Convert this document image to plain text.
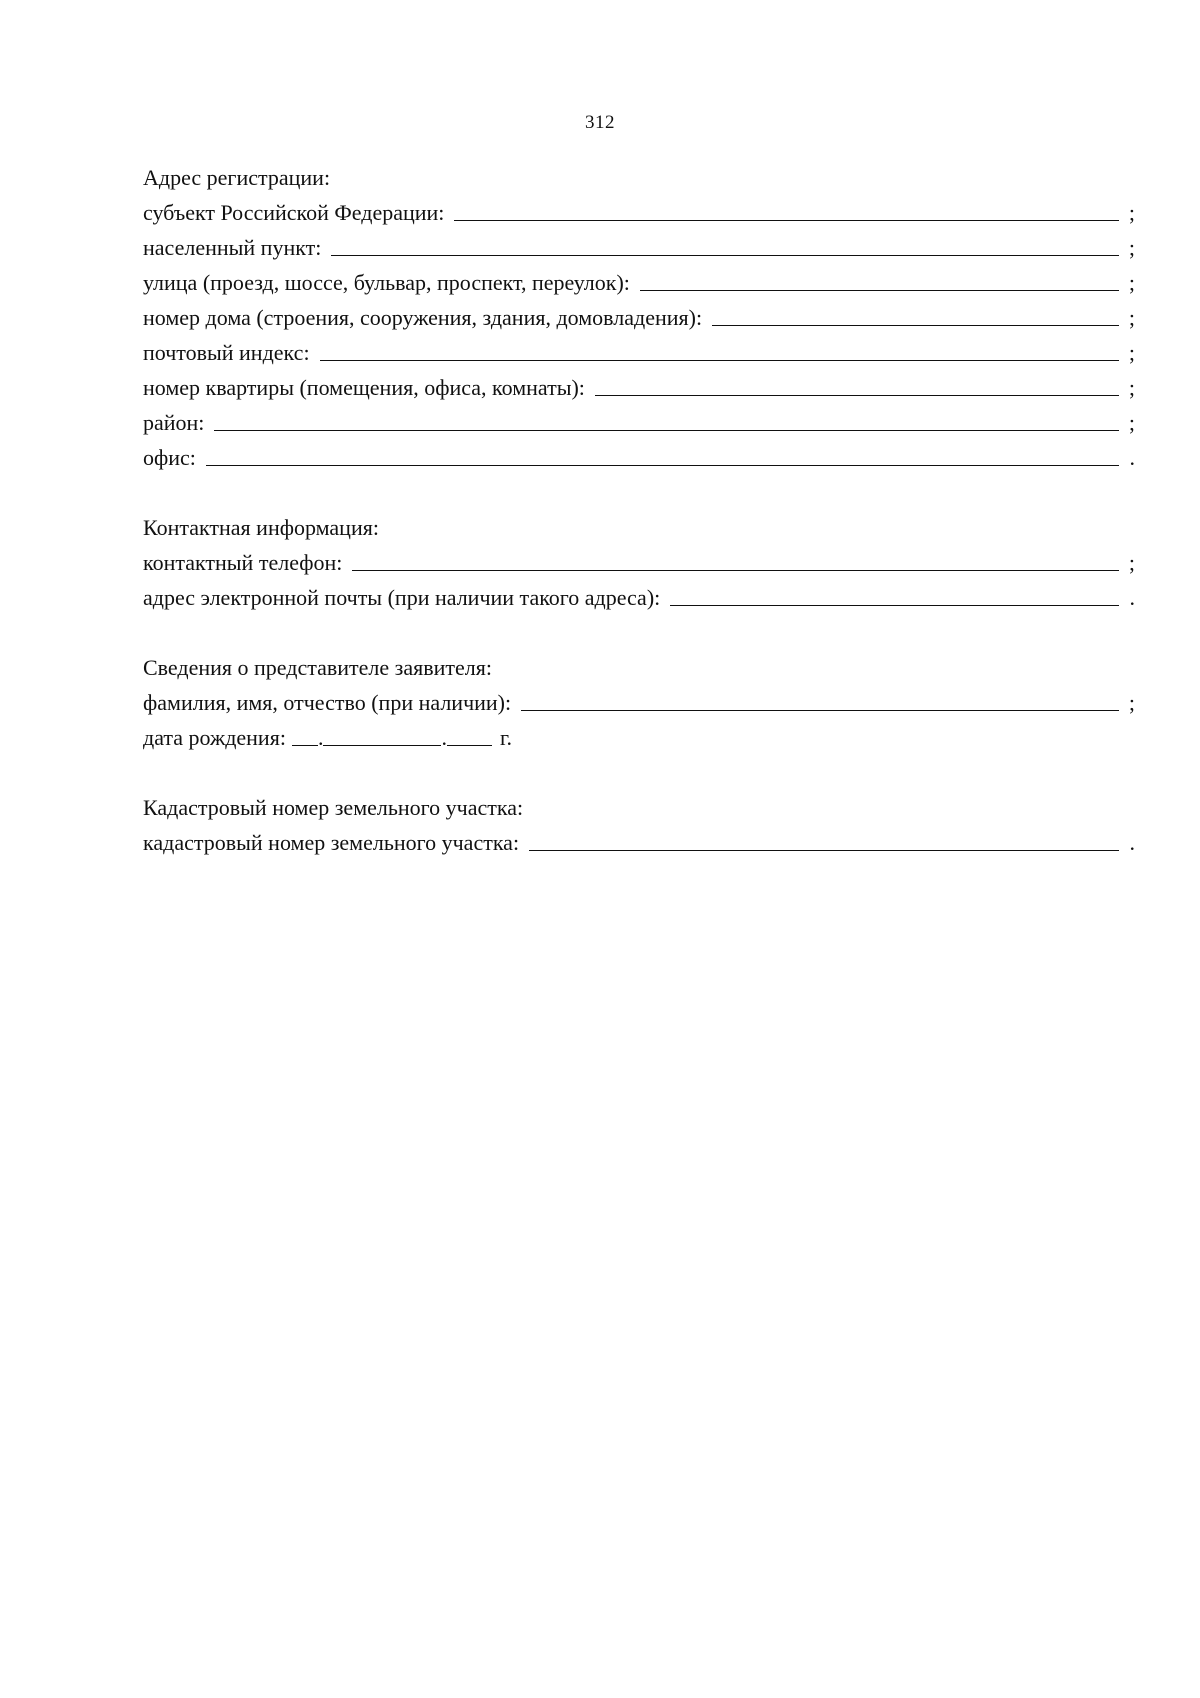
312
Адрес регистрации:
субъект Российской Федерации:	;
населенный пункт:	;
улица (проезд, шоссе, бульвар, проспект, переулок):	;
номер дома (строения, сооружения, здания, домовладения):	;
почтовый индекс:	;
номер квартиры (помещения, офиса, комнаты):	;
район:	;
офис:	.
Контактная информация:
контактный телефон:	;
адрес электронной почты (при наличии такого адреса):	.
Сведения о представителе заявителя:
фамилия, имя, отчество (при наличии):	;
дата рождения: .	.	г.
Кадастровый номер земельного участка:
кадастровый номер земельного участка:	.
